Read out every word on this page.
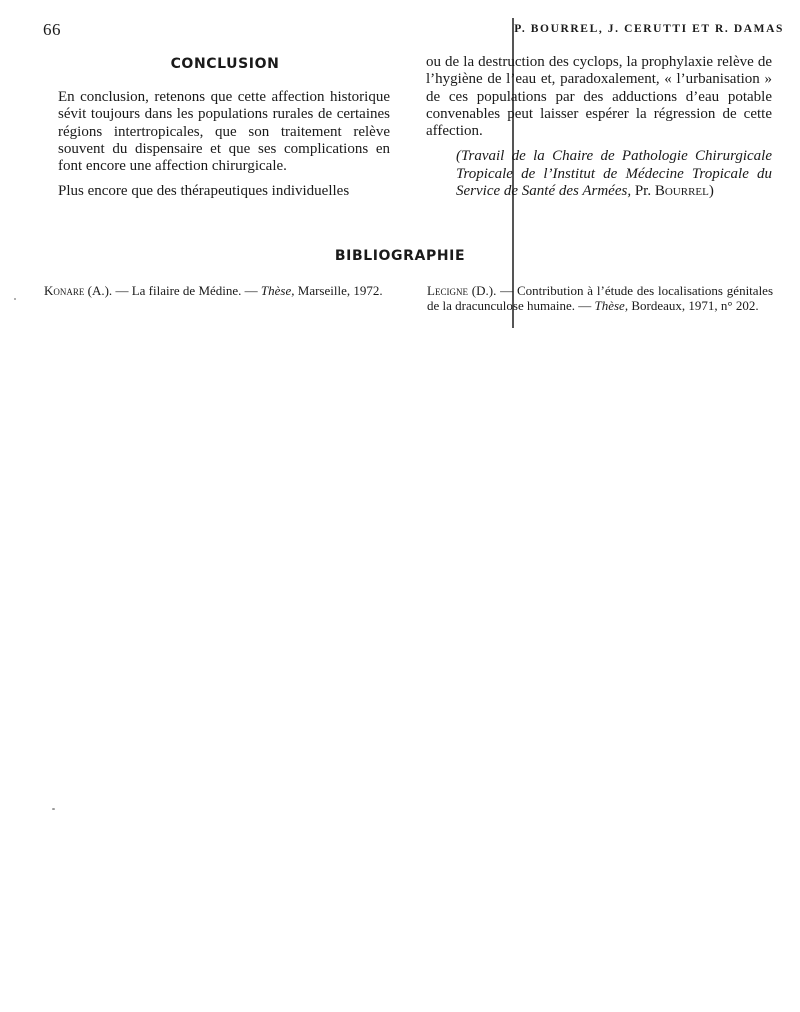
66	P. BOURREL, J. CERUTTI ET R. DAMAS
CONCLUSION

En conclusion, retenons que cette affection historique sévit toujours dans les populations rurales de certaines régions intertropicales, que son traitement relève souvent du dispensaire et que ses complications en font encore une affection chirurgicale.

Plus encore que des thérapeutiques individuelles

ou de la destruction des cyclops, la prophylaxie relève de l’hygiène de l’eau et, paradoxalement, « l’urbanisation » de ces populations par des adductions d’eau potable convenables peut laisser espérer la régression de cette affection.

(Travail de la Chaire de Pathologie Chirurgicale Tropicale de l’Institut de Médecine Tropicale du Service de Santé des Armées, Pr. Bourrel)

BIBLIOGRAPHIE
Konare (A.). — La filaire de Médine. — Thèse, Marseille, 1972.	Lecigne (D.). — Contribution à l’étude des localisations génitales de la dracunculose humaine. — Thèse, Bordeaux, 1971, n° 202.
